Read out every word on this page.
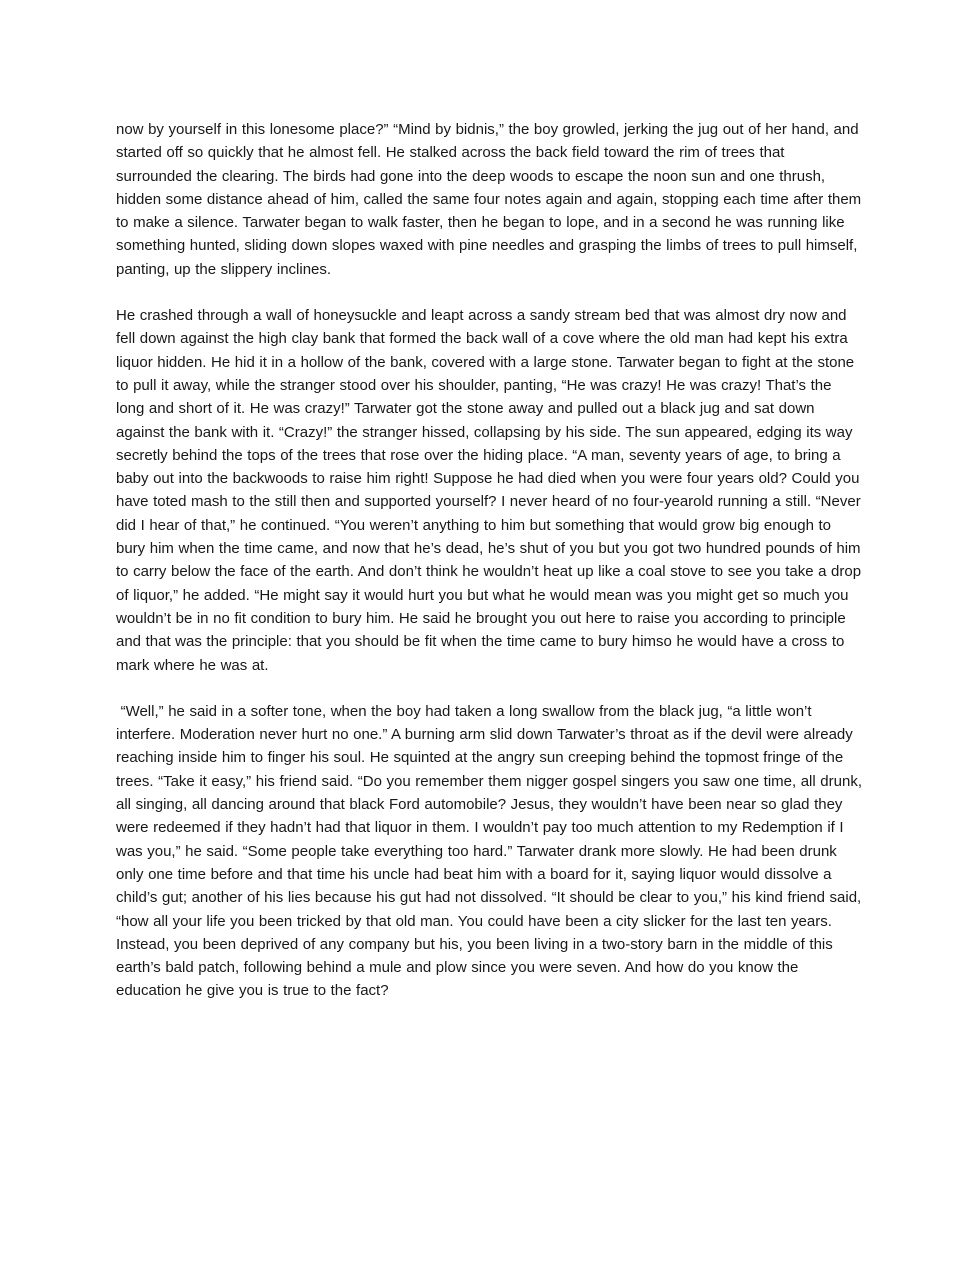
now by yourself in this lonesome place?” “Mind by bidnis,” the boy growled, jerking the jug out of her hand, and started off so quickly that he almost fell. He stalked across the back field toward the rim of trees that surrounded the clearing. The birds had gone into the deep woods to escape the noon sun and one thrush, hidden some distance ahead of him, called the same four notes again and again, stopping each time after them to make a silence. Tarwater began to walk faster, then he began to lope, and in a second he was running like something hunted, sliding down slopes waxed with pine needles and grasping the limbs of trees to pull himself, panting, up the slippery inclines.

He crashed through a wall of honeysuckle and leapt across a sandy stream bed that was almost dry now and fell down against the high clay bank that formed the back wall of a cove where the old man had kept his extra liquor hidden. He hid it in a hollow of the bank, covered with a large stone. Tarwater began to fight at the stone to pull it away, while the stranger stood over his shoulder, panting, “He was crazy! He was crazy! That’s the long and short of it. He was crazy!” Tarwater got the stone away and pulled out a black jug and sat down against the bank with it. “Crazy!” the stranger hissed, collapsing by his side. The sun appeared, edging its way secretly behind the tops of the trees that rose over the hiding place. “A man, seventy years of age, to bring a baby out into the backwoods to raise him right! Suppose he had died when you were four years old? Could you have toted mash to the still then and supported yourself? I never heard of no four-yearold running a still. “Never did I hear of that,” he continued. “You weren’t anything to him but something that would grow big enough to bury him when the time came, and now that he’s dead, he’s shut of you but you got two hundred pounds of him to carry below the face of the earth. And don’t think he wouldn’t heat up like a coal stove to see you take a drop of liquor,” he added. “He might say it would hurt you but what he would mean was you might get so much you wouldn’t be in no fit condition to bury him. He said he brought you out here to raise you according to principle and that was the principle: that you should be fit when the time came to bury himso he would have a cross to mark where he was at.

“Well,” he said in a softer tone, when the boy had taken a long swallow from the black jug, “a little won’t interfere. Moderation never hurt no one.” A burning arm slid down Tarwater’s throat as if the devil were already reaching inside him to finger his soul. He squinted at the angry sun creeping behind the topmost fringe of the trees. “Take it easy,” his friend said. “Do you remember them nigger gospel singers you saw one time, all drunk, all singing, all dancing around that black Ford automobile? Jesus, they wouldn’t have been near so glad they were redeemed if they hadn’t had that liquor in them. I wouldn’t pay too much attention to my Redemption if I was you,” he said. “Some people take everything too hard.” Tarwater drank more slowly. He had been drunk only one time before and that time his uncle had beat him with a board for it, saying liquor would dissolve a child’s gut; another of his lies because his gut had not dissolved. “It should be clear to you,” his kind friend said, “how all your life you been tricked by that old man. You could have been a city slicker for the last ten years. Instead, you been deprived of any company but his, you been living in a two-story barn in the middle of this earth’s bald patch, following behind a mule and plow since you were seven. And how do you know the education he give you is true to the fact?
